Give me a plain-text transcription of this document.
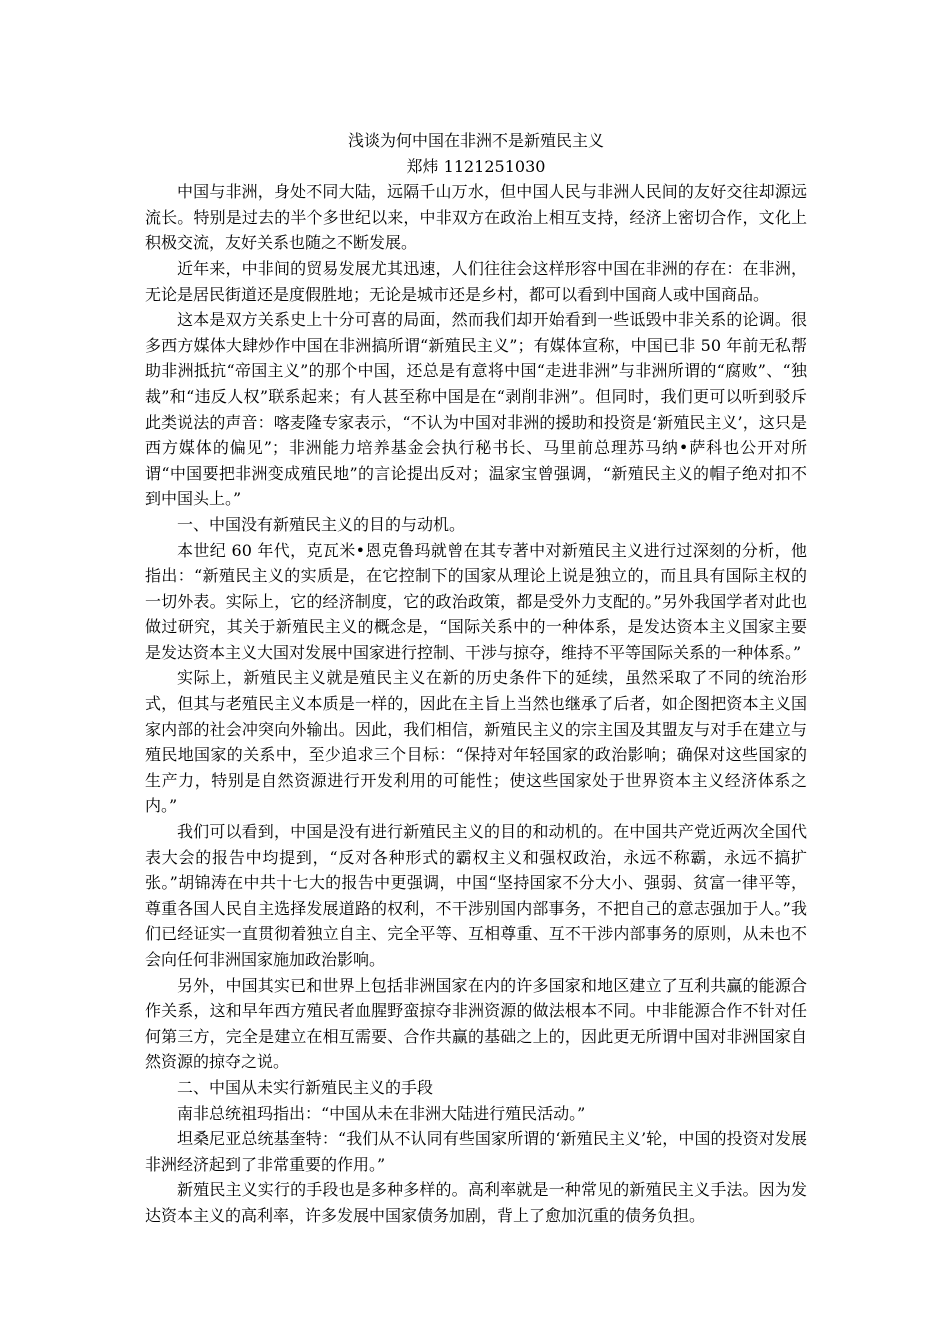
浅谈为何中国在非洲不是新殖民主义

郑炜 1121251030

中国与非洲，身处不同大陆，远隔千山万水，但中国人民与非洲人民间的友好交往却源远流长。特别是过去的半个多世纪以来，中非双方在政治上相互支持，经济上密切合作，文化上积极交流，友好关系也随之不断发展。

近年来，中非间的贸易发展尤其迅速，人们往往会这样形容中国在非洲的存在：在非洲，无论是居民街道还是度假胜地；无论是城市还是乡村，都可以看到中国商人或中国商品。

这本是双方关系史上十分可喜的局面，然而我们却开始看到一些诋毁中非关系的论调。很多西方媒体大肆炒作中国在非洲搞所谓“新殖民主义”；有媒体宣称，中国已非 50 年前无私帮助非洲抵抗“帝国主义”的那个中国，还总是有意将中国“走进非洲”与非洲所谓的“腐败”、“独裁”和“违反人权”联系起来；有人甚至称中国是在“剥削非洲”。但同时，我们更可以听到驳斥此类说法的声音：喀麦隆专家表示，“不认为中国对非洲的援助和投资是‘新殖民主义’，这只是西方媒体的偏见”；非洲能力培养基金会执行秘书长、马里前总理苏马纳•萨科也公开对所谓“中国要把非洲变成殖民地”的言论提出反对；温家宝曾强调，“新殖民主义的帽子绝对扣不到中国头上。”

一、中国没有新殖民主义的目的与动机。

本世纪 60 年代，克瓦米•恩克鲁玛就曾在其专著中对新殖民主义进行过深刻的分析，他指出：“新殖民主义的实质是，在它控制下的国家从理论上说是独立的，而且具有国际主权的一切外表。实际上，它的经济制度，它的政治政策，都是受外力支配的。”另外我国学者对此也做过研究，其关于新殖民主义的概念是，“国际关系中的一种体系，是发达资本主义国家主要是发达资本主义大国对发展中国家进行控制、干涉与掠夺，维持不平等国际关系的一种体系。”

实际上，新殖民主义就是殖民主义在新的历史条件下的延续，虽然采取了不同的统治形式，但其与老殖民主义本质是一样的，因此在主旨上当然也继承了后者，如企图把资本主义国家内部的社会冲突向外输出。因此，我们相信，新殖民主义的宗主国及其盟友与对手在建立与殖民地国家的关系中，至少追求三个目标：“保持对年轻国家的政治影响；确保对这些国家的生产力，特别是自然资源进行开发利用的可能性；使这些国家处于世界资本主义经济体系之内。”

我们可以看到，中国是没有进行新殖民主义的目的和动机的。在中国共产党近两次全国代表大会的报告中均提到，“反对各种形式的霸权主义和强权政治，永远不称霸，永远不搞扩张。”胡锦涛在中共十七大的报告中更强调，中国“坚持国家不分大小、强弱、贫富一律平等，尊重各国人民自主选择发展道路的权利，不干涉别国内部事务，不把自己的意志强加于人。”我们已经证实一直贯彻着独立自主、完全平等、互相尊重、互不干涉内部事务的原则，从未也不会向任何非洲国家施加政治影响。

另外，中国其实已和世界上包括非洲国家在内的许多国家和地区建立了互利共赢的能源合作关系，这和早年西方殖民者血腥野蛮掠夺非洲资源的做法根本不同。中非能源合作不针对任何第三方，完全是建立在相互需要、合作共赢的基础之上的，因此更无所谓中国对非洲国家自然资源的掠夺之说。

二、中国从未实行新殖民主义的手段

南非总统祖玛指出：“中国从未在非洲大陆进行殖民活动。”

坦桑尼亚总统基奎特：“我们从不认同有些国家所谓的‘新殖民主义’轮，中国的投资对发展非洲经济起到了非常重要的作用。”

新殖民主义实行的手段也是多种多样的。高利率就是一种常见的新殖民主义手法。因为发达资本主义的高利率，许多发展中国家债务加剧，背上了愈加沉重的债务负担。
